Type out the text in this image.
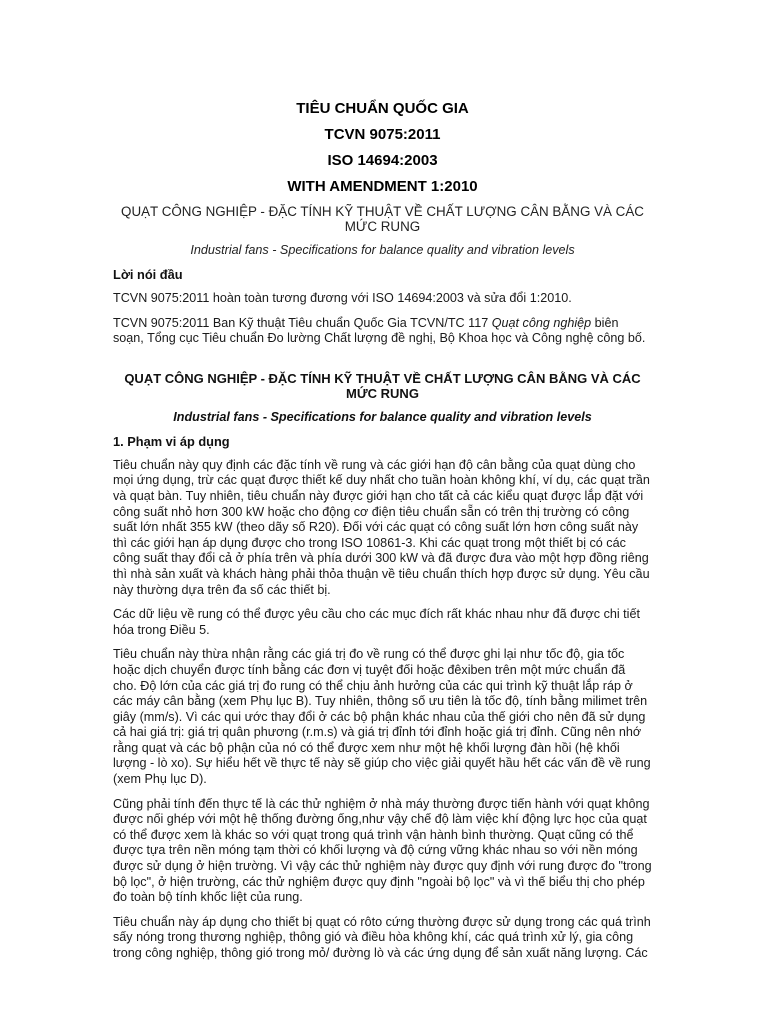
TIÊU CHUẨN QUỐC GIA
TCVN 9075:2011
ISO 14694:2003
WITH AMENDMENT 1:2010
QUẠT CÔNG NGHIỆP - ĐẶC TÍNH KỸ THUẬT VỀ CHẤT LƯỢNG CÂN BẰNG VÀ CÁC MỨC RUNG
Industrial fans - Specifications for balance quality and vibration levels
Lời nói đầu

TCVN 9075:2011 hoàn toàn tương đương với ISO 14694:2003 và sửa đổi 1:2010.

TCVN 9075:2011 Ban Kỹ thuật Tiêu chuẩn Quốc Gia TCVN/TC 117 Quạt công nghiệp biên soạn, Tổng cục Tiêu chuẩn Đo lường Chất lượng đề nghị, Bộ Khoa học và Công nghệ công bố.

QUẠT CÔNG NGHIỆP - ĐẶC TÍNH KỸ THUẬT VỀ CHẤT LƯỢNG CÂN BẰNG VÀ CÁC MỨC RUNG
Industrial fans - Specifications for balance quality and vibration levels
1. Phạm vi áp dụng

Tiêu chuẩn này quy định các đặc tính về rung và các giới hạn độ cân bằng của quạt dùng cho mọi ứng dụng, trừ các quạt được thiết kế duy nhất cho tuần hoàn không khí, ví dụ, các quạt trần và quạt bàn. Tuy nhiên, tiêu chuẩn này được giới hạn cho tất cả các kiểu quạt được lắp đặt với công suất nhỏ hơn 300 kW hoặc cho động cơ điện tiêu chuẩn sẵn có trên thị trường có công suất lớn nhất 355 kW (theo dãy số R20). Đối với các quạt có công suất lớn hơn công suất này thì các giới hạn áp dụng được cho trong ISO 10861-3. Khi các quạt trong một thiết bị có các công suất thay đổi cả ở phía trên và phía dưới 300 kW và đã được đưa vào một hợp đồng riêng thì nhà sản xuất và khách hàng phải thỏa thuận về tiêu chuẩn thích hợp được sử dụng. Yêu cầu này thường dựa trên đa số các thiết bị.

Các dữ liệu về rung có thể được yêu cầu cho các mục đích rất khác nhau như đã được chi tiết hóa trong Điều 5.

Tiêu chuẩn này thừa nhận rằng các giá trị đo về rung có thể được ghi lại như tốc độ, gia tốc hoặc dịch chuyển được tính bằng các đơn vị tuyệt đối hoặc đêxiben trên một mức chuẩn đã cho. Độ lớn của các giá trị đo rung có thể chịu ảnh hưởng của các qui trình kỹ thuật lắp ráp ở các máy cân bằng (xem Phụ lục B). Tuy nhiên, thông số ưu tiên là tốc độ, tính bằng milimet trên giây (mm/s). Vì các qui ước thay đổi ở các bộ phận khác nhau của thế giới cho nên đã sử dụng cả hai giá trị: giá trị quân phương (r.m.s) và giá trị đỉnh tới đỉnh hoặc giá trị đỉnh. Cũng nên nhớ rằng quạt và các bộ phận của nó có thể được xem như một hệ khối lượng đàn hồi (hệ khối lượng - lò xo). Sự hiểu hết về thực tế này sẽ giúp cho việc giải quyết hầu hết các vấn đề về rung (xem Phụ lục D).

Cũng phải tính đến thực tế là các thử nghiệm ở nhà máy thường được tiến hành với quạt không được nối ghép với một hệ thống đường ống,như vậy chế độ làm việc khí động lực học của quạt có thể được xem là khác so với quạt trong quá trình vận hành bình thường. Quạt cũng có thể được tựa trên nền móng tạm thời có khối lượng và độ cứng vững khác nhau so với nền móng được sử dụng ở hiện trường. Vì vậy các thử nghiệm này được quy định với rung được đo "trong bộ lọc", ở hiện trường, các thử nghiệm được quy định "ngoài bộ lọc" và vì thế biểu thị cho phép đo toàn bộ tính khốc liệt của rung.

Tiêu chuẩn này áp dụng cho thiết bị quạt có rôto cứng thường được sử dụng trong các quá trình sấy nóng trong thương nghiệp, thông gió và điều hòa không khí, các quá trình xử lý, gia công trong công nghiệp, thông gió trong mỏ/ đường lò và các ứng dụng để sản xuất năng lượng. Các
